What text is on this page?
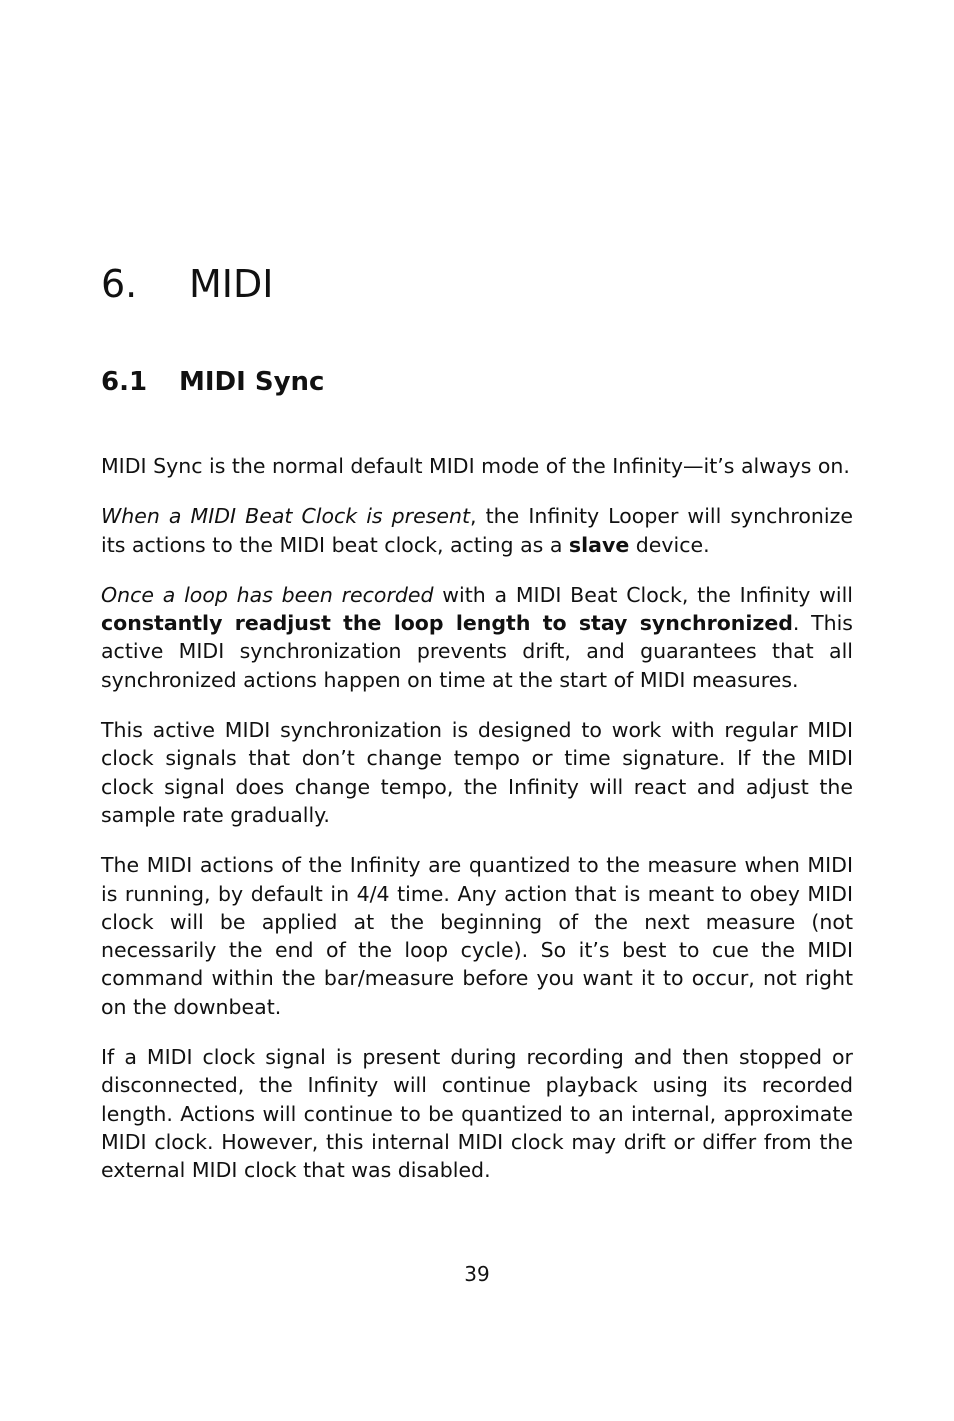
6.	MIDI
6.1	MIDI Sync

MIDI Sync is the normal default MIDI mode of the Infinity—it’s always on.

When a MIDI Beat Clock is present, the Infinity Looper will synchronize its actions to the MIDI beat clock, acting as a slave device.

Once a loop has been recorded with a MIDI Beat Clock, the Infinity will constantly readjust the loop length to stay synchronized. This active MIDI synchronization prevents drift, and guarantees that all synchronized actions happen on time at the start of MIDI measures.

This active MIDI synchronization is designed to work with regular MIDI clock signals that don’t change tempo or time signature. If the MIDI clock signal does change tempo, the Infinity will react and adjust the sample rate gradually.

The MIDI actions of the Infinity are quantized to the measure when MIDI is running, by default in 4/4 time. Any action that is meant to obey MIDI clock will be applied at the beginning of the next measure (not necessarily the end of the loop cycle). So it’s best to cue the MIDI command within the bar/measure before you want it to occur, not right on the downbeat.

If a MIDI clock signal is present during recording and then stopped or disconnected, the Infinity will continue playback using its recorded length. Actions will continue to be quantized to an internal, approximate MIDI clock. However, this internal MIDI clock may drift or differ from the external MIDI clock that was disabled.

39
